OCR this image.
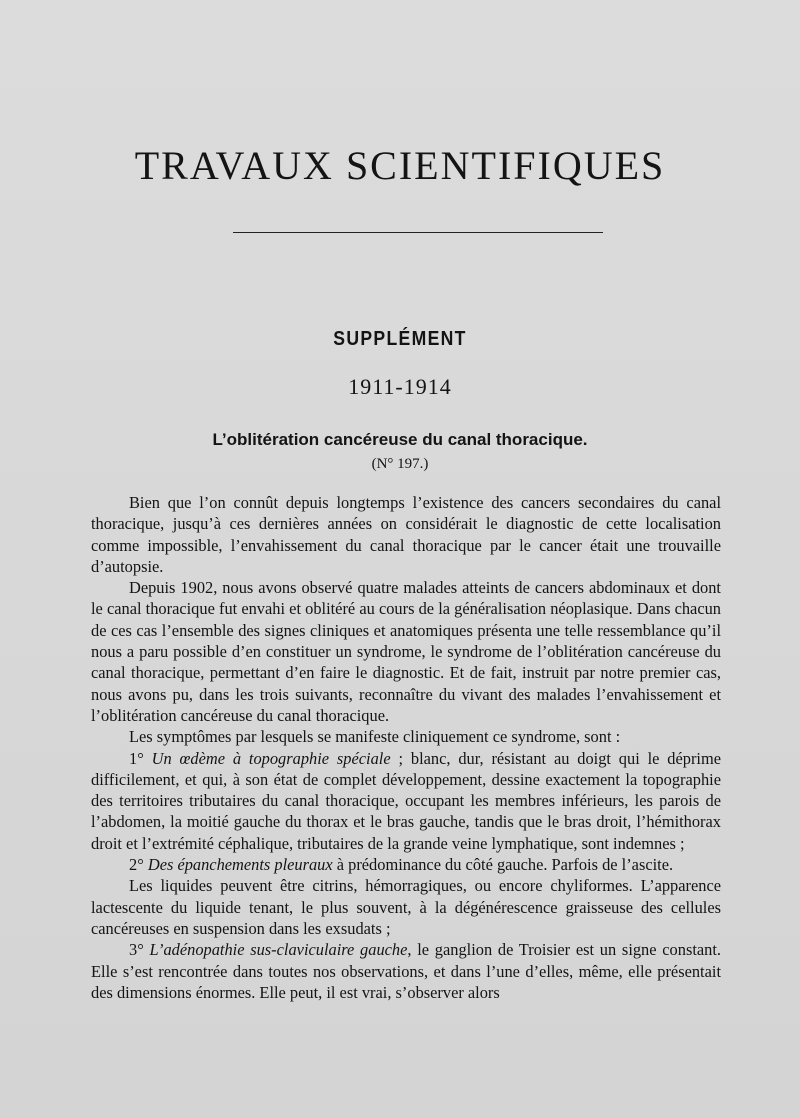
TRAVAUX SCIENTIFIQUES
SUPPLÉMENT
1911-1914
L’oblitération cancéreuse du canal thoracique.
(N° 197.)

Bien que l’on connût depuis longtemps l’existence des cancers secondaires du canal thoracique, jusqu’à ces dernières années on considérait le diagnostic de cette localisation comme impossible, l’envahissement du canal thoracique par le cancer était une trouvaille d’autopsie.

Depuis 1902, nous avons observé quatre malades atteints de cancers abdominaux et dont le canal thoracique fut envahi et oblitéré au cours de la généralisation néoplasique. Dans chacun de ces cas l’ensemble des signes cliniques et anatomiques présenta une telle ressemblance qu’il nous a paru possible d’en constituer un syndrome, le syndrome de l’oblitération cancéreuse du canal thoracique, permettant d’en faire le diagnostic. Et de fait, instruit par notre premier cas, nous avons pu, dans les trois suivants, reconnaître du vivant des malades l’envahissement et l’oblitération cancéreuse du canal thoracique.

Les symptômes par lesquels se manifeste cliniquement ce syndrome, sont :

1° Un œdème à topographie spéciale ; blanc, dur, résistant au doigt qui le déprime difficilement, et qui, à son état de complet développement, dessine exactement la topographie des territoires tributaires du canal thoracique, occupant les membres inférieurs, les parois de l’abdomen, la moitié gauche du thorax et le bras gauche, tandis que le bras droit, l’hémithorax droit et l’extrémité céphalique, tributaires de la grande veine lymphatique, sont indemnes ;

2° Des épanchements pleuraux à prédominance du côté gauche. Parfois de l’ascite.

Les liquides peuvent être citrins, hémorragiques, ou encore chyliformes. L’apparence lactescente du liquide tenant, le plus souvent, à la dégénérescence graisseuse des cellules cancéreuses en suspension dans les exsudats ;

3° L’adénopathie sus-claviculaire gauche, le ganglion de Troisier est un signe constant. Elle s’est rencontrée dans toutes nos observations, et dans l’une d’elles, même, elle présentait des dimensions énormes. Elle peut, il est vrai, s’observer alors
